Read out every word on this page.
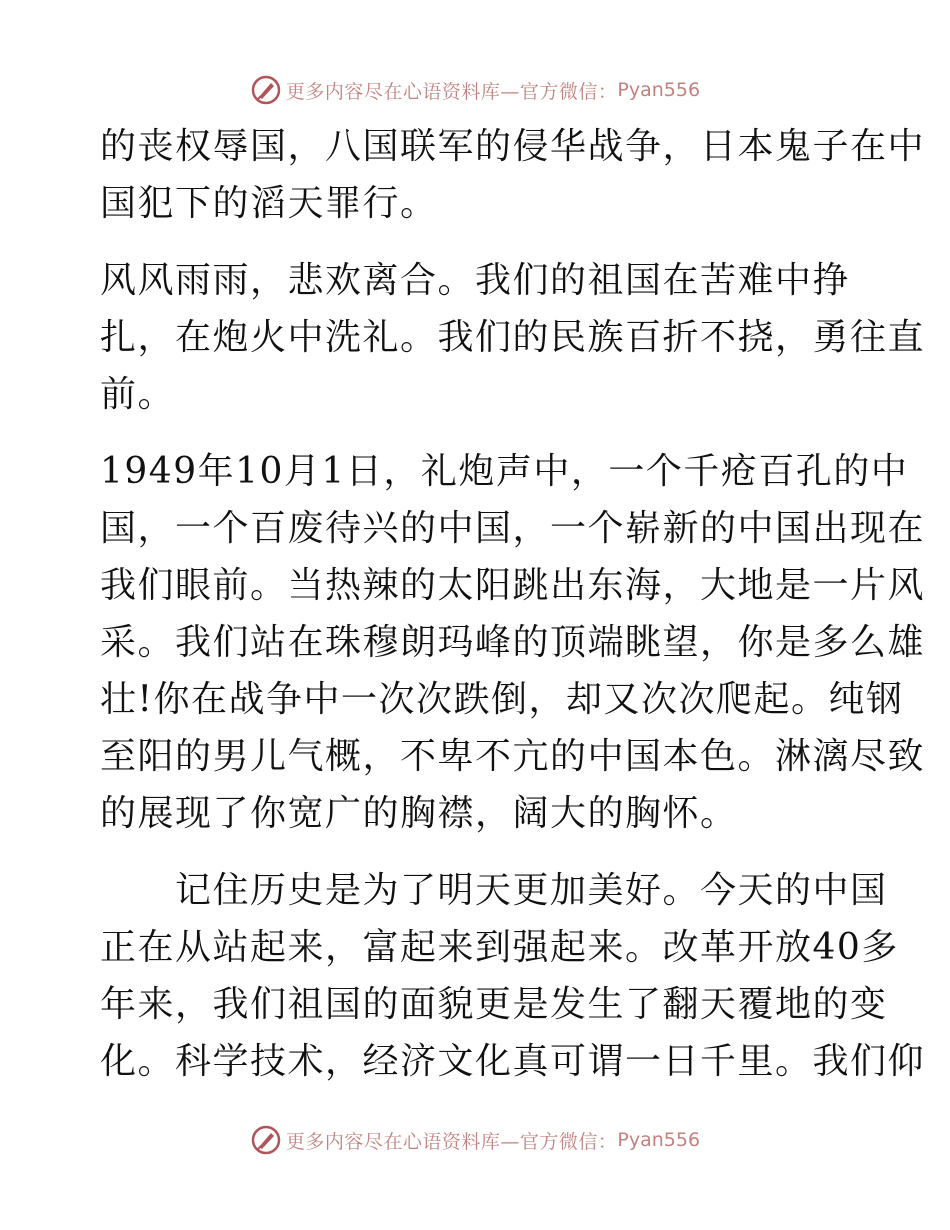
更多内容尽在心语资料库—官方微信： Pyan556
的丧权辱国，八国联军的侵华战争，日本鬼子在中
国犯下的滔天罪行。
风风雨雨，悲欢离合。我们的祖国在苦难中挣
扎，在炮火中洗礼。我们的民族百折不挠，勇往直
前。
1949年10月1日，礼炮声中，一个千疮百孔的中
国，一个百废待兴的中国，一个崭新的中国出现在
我们眼前。当热辣的太阳跳出东海，大地是一片风
采。我们站在珠穆朗玛峰的顶端眺望，你是多么雄
壮!你在战争中一次次跌倒，却又次次爬起。纯钢
至阳的男儿气概，不卑不亢的中国本色。淋漓尽致
的展现了你宽广的胸襟，阔大的胸怀。
　　记住历史是为了明天更加美好。今天的中国
正在从站起来，富起来到强起来。改革开放40多
年来，我们祖国的面貌更是发生了翻天覆地的变
化。科学技术，经济文化真可谓一日千里。我们仰
更多内容尽在心语资料库—官方微信： Pyan556
